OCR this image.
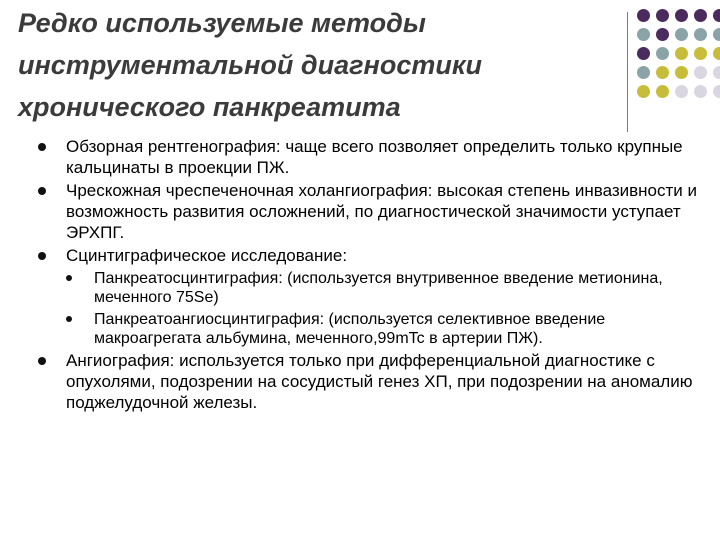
Редко используемые методы
инструментальной диагностики
хронического панкреатита
Обзорная рентгенография: чаще всего позволяет определить только крупные кальцинаты в проекции ПЖ.
Чрескожная чреспеченочная холангиография: высокая степень инвазивности и возможность развития осложнений, по диагностической значимости уступает ЭРХПГ.
Сцинтиграфическое исследование:
Панкреатосцинтиграфия: (используется внутривенное введение метионина, меченного 75Se)
Панкреатоангиосцинтиграфия: (используется селективное введение макроагрегата альбумина, меченного,99mTc в артерии ПЖ).
Ангиография: используется только при дифференциальной диагностике с опухолями, подозрении на сосудистый генез ХП, при подозрении на аномалию поджелудочной железы.
